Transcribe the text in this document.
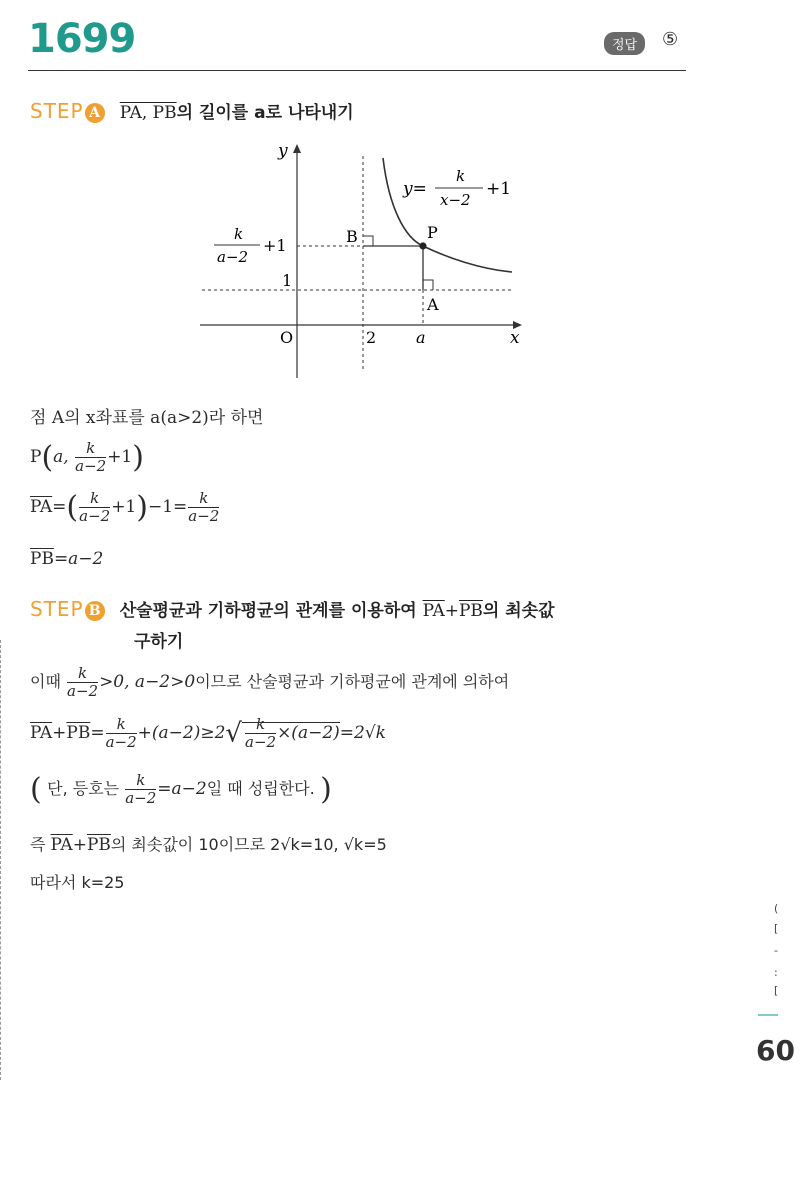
1699	정답	⑤
STEP A PA, PB의 길이를 a로 나타내기
y
x
O	2 a
1
P
A
B
y=
k
x−2
+1
k
a−2
+1
점 A의 x좌표를 a(a>2)라 하면
P(a, $\frac{k}{a-2} +1$)
$\overline{PA}=( \frac{k}{a-2} +1)-1= \frac{k}{a-2}$
$\overline{PB}=a-2$
STEP B 산술평균과 기하평균의 관계를 이용하여 $\overline{PA}+\overline{PB}$의 최솟값
구하기
이때 $\frac{k}{a-2} >0$, a−2>0이므로 산술평균과 기하평균에 관계에 의하여
$\overline{PA}+\overline{PB}= \frac{k}{a-2} +(a-2)\ge 2√ \frac{k}{a-2} \times(a-2)=2√k$
( 단, 등호는 $\frac{k}{a-2} =a-2$일 때 성립한다. )
즉 $\overline{PA}+\overline{PB}$의 최솟값이 10이므로 2√k=10, √k=5
따라서 k=25
(
[
-
:
[
60
